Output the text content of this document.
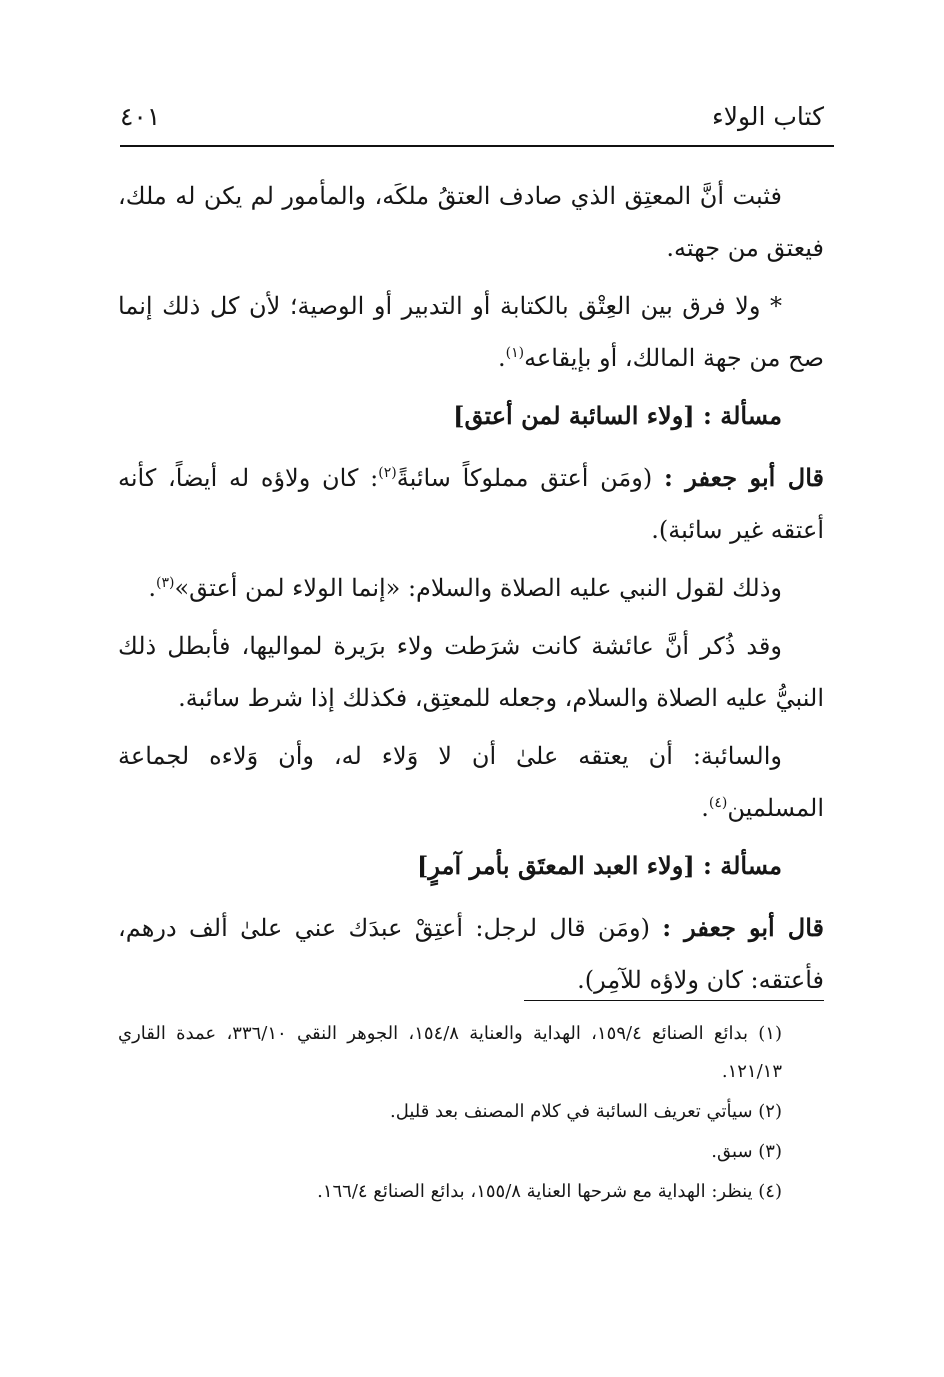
كتاب الولاء
٤٠١

فثبت أنَّ المعتِق الذي صادف العتقُ ملكَه، والمأمور لم يكن له ملك، فيعتق من جهته.

* ولا فرق بين العِتْق بالكتابة أو التدبير أو الوصية؛ لأن كل ذلك إنما صح من جهة المالك، أو بإيقاعه$^{(١)}$.

مسألة : [ولاء السائبة لمن أعتق]

قال أبو جعفر : (ومَن أعتق مملوكاً سائبةً$^{(٢)}$: كان ولاؤه له أيضاً، كأنه أعتقه غير سائبة).

وذلك لقول النبي عليه الصلاة والسلام: «إنما الولاء لمن أعتق»$^{(٣)}$.

وقد ذُكر أنَّ عائشة كانت شرَطت ولاء برَيرة لمواليها، فأبطل ذلك النبيُّ عليه الصلاة والسلام، وجعله للمعتِق، فكذلك إذا شرط سائبة.

والسائبة: أن يعتقه علىٰ أن لا وَلاء له، وأن وَلاءه لجماعة المسلمين$^{(٤)}$.

مسألة : [ولاء العبد المعتَق بأمر آمرٍ]

قال أبو جعفر : (ومَن قال لرجل: أعتِقْ عبدَك عني علىٰ ألف درهم، فأعتقه: كان ولاؤه للآمِر).

(١) بدائع الصنائع ١٥٩/٤، الهداية والعناية ١٥٤/٨، الجوهر النقي ٣٣٦/١٠، عمدة القاري ١٢١/١٣.

(٢) سيأتي تعريف السائبة في كلام المصنف بعد قليل.

(٣) سبق.

(٤) ينظر: الهداية مع شرحها العناية ١٥٥/٨، بدائع الصنائع ١٦٦/٤.
